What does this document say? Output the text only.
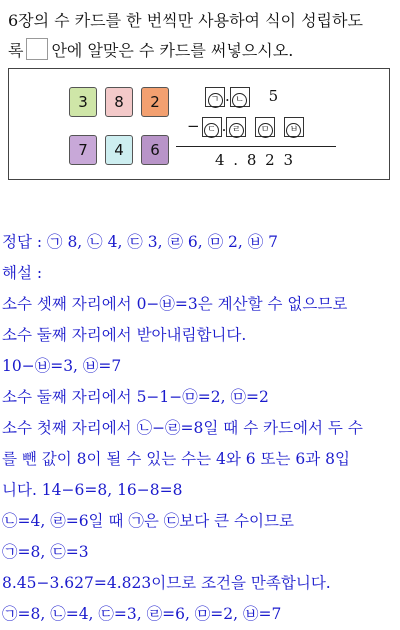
6장의 수 카드를 한 번씩만 사용하여 식이 성립하도
록 안에 알맞은 수 카드를 써넣으시오.
3	8	2
7	4	6
ㄱ . ㄴ 5
− ㄷ . ㄹ ㅁ ㅂ
4 . 8 2 3
정답 : ㉠ 8, ㉡ 4, ㉢ 3, ㉣ 6, ㉤ 2, ㉥ 7
해설 :
소수 셋째 자리에서 0−㉥=3은 계산할 수 없으므로
소수 둘째 자리에서 받아내림합니다.
10−㉥=3, ㉥=7
소수 둘째 자리에서 5−1−㉤=2, ㉤=2
소수 첫째 자리에서 ㉡−㉣=8일 때 수 카드에서 두 수
를 뺀 값이 8이 될 수 있는 수는 4와 6 또는 6과 8입
니다. 14−6=8, 16−8=8
㉡=4, ㉣=6일 때 ㉠은 ㉢보다 큰 수이므로
㉠=8, ㉢=3
8.45−3.627=4.823이므로 조건을 만족합니다.
㉠=8, ㉡=4, ㉢=3, ㉣=6, ㉤=2, ㉥=7
